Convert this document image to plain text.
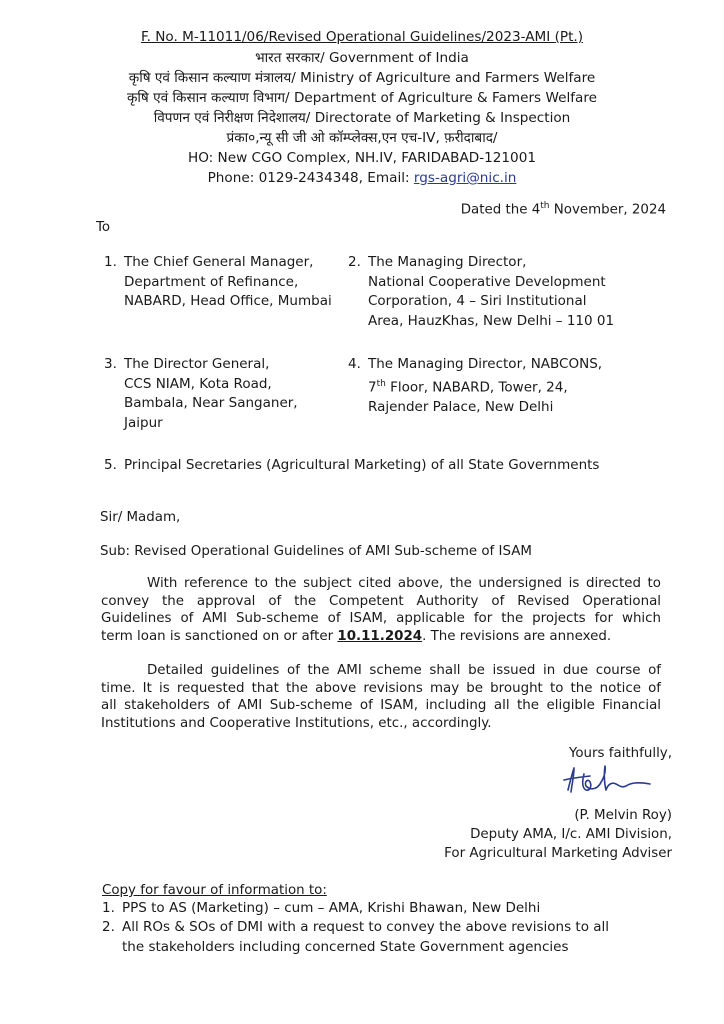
F. No. M-11011/06/Revised Operational Guidelines/2023-AMI (Pt.)
भारत सरकार/ Government of India
कृषि एवं किसान कल्याण मंत्रालय/ Ministry of Agriculture and Farmers Welfare
कृषि एवं किसान कल्याण विभाग/ Department of Agriculture & Famers Welfare
विपणन एवं निरीक्षण निदेशालय/ Directorate of Marketing & Inspection
प्रंका०,न्यू सी जी ओ कॉम्प्लेक्स,एन एच-IV, फ़रीदाबाद/
HO: New CGO Complex, NH.IV, FARIDABAD-121001
Phone: 0129-2434348, Email: rgs-agri@nic.in
Dated the 4th November, 2024
To
1. The Chief General Manager,
Department of Refinance,
NABARD, Head Office, Mumbai
2. The Managing Director,
National Cooperative Development
Corporation, 4 – Siri Institutional
Area, HauzKhas, New Delhi – 110 01
3. The Director General,
CCS NIAM, Kota Road,
Bambala, Near Sanganer,
Jaipur
4. The Managing Director, NABCONS,
7th Floor, NABARD, Tower, 24,
Rajender Palace, New Delhi
5. Principal Secretaries (Agricultural Marketing) of all State Governments
Sir/ Madam,
Sub: Revised Operational Guidelines of AMI Sub-scheme of ISAM
With reference to the subject cited above, the undersigned is directed to
convey the approval of the Competent Authority of Revised Operational
Guidelines of AMI Sub-scheme of ISAM, applicable for the projects for which
term loan is sanctioned on or after 10.11.2024. The revisions are annexed.
Detailed guidelines of the AMI scheme shall be issued in due course of
time. It is requested that the above revisions may be brought to the notice of
all stakeholders of AMI Sub-scheme of ISAM, including all the eligible Financial
Institutions and Cooperative Institutions, etc., accordingly.
Yours faithfully,
(P. Melvin Roy)
Deputy AMA, I/c. AMI Division,
For Agricultural Marketing Adviser
Copy for favour of information to:
1. PPS to AS (Marketing) – cum – AMA, Krishi Bhawan, New Delhi
2. All ROs & SOs of DMI with a request to convey the above revisions to all
the stakeholders including concerned State Government agencies
